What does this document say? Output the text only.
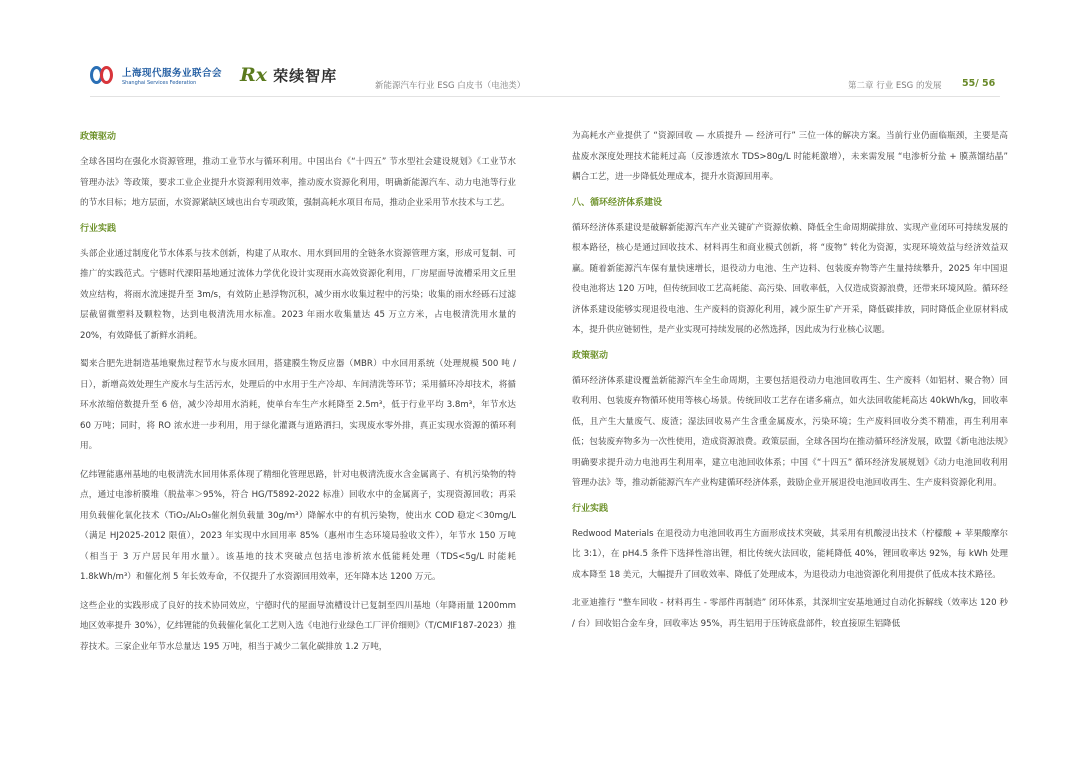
上海现代服务业联合会
Shanghai Services Federation	Rx 荣续智库
新能源汽车行业 ESG 白皮书（电池类）	第二章 行业 ESG 的发展 55/ 56
政策驱动

全球各国均在强化水资源管理，推动工业节水与循环利用。中国出台《“十四五” 节水型社会建设规划》《工业节水管理办法》等政策，要求工业企业提升水资源利用效率，推动废水资源化利用，明确新能源汽车、动力电池等行业的节水目标；地方层面，水资源紧缺区域也出台专项政策，强制高耗水项目布局，推动企业采用节水技术与工艺。

行业实践

头部企业通过制度化节水体系与技术创新，构建了从取水、用水到回用的全链条水资源管理方案，形成可复制、可推广的实践范式。宁德时代溧阳基地通过流体力学优化设计实现雨水高效资源化利用，厂房屋面导流槽采用文丘里效应结构，将雨水流速提升至 3m/s，有效防止悬浮物沉积，减少雨水收集过程中的污染；收集的雨水经砾石过滤层截留微塑料及颗粒物，达到电极清洗用水标准。2023 年雨水收集量达 45 万立方米，占电极清洗用水量的 20%，有效降低了新鲜水消耗。

蜀来合肥先进制造基地聚焦过程节水与废水回用，搭建膜生物反应器（MBR）中水回用系统（处理规模 500 吨 / 日），新增高效处理生产废水与生活污水，处理后的中水用于生产冷却、车间清洗等环节；采用循环冷却技术，将循环水浓缩倍数提升至 6 倍，减少冷却用水消耗，使单台车生产水耗降至 2.5m³，低于行业平均 3.8m³，年节水达 60 万吨；同时，将 RO 浓水进一步利用，用于绿化灌溉与道路洒扫，实现废水零外排，真正实现水资源的循环利用。

亿纬锂能惠州基地的电极清洗水回用体系体现了精细化管理思路，针对电极清洗废水含金属离子、有机污染物的特点，通过电渗析膜堆（脱盐率＞95%，符合 HG/T5892-2022 标准）回收水中的金属离子，实现资源回收；再采用负载催化氧化技术（TiO₂/Al₂O₃催化剂负载量 30g/m³）降解水中的有机污染物，使出水 COD 稳定＜30mg/L（满足 HJ2025-2012 限值），2023 年实现中水回用率 85%（惠州市生态环境局验收文件），年节水 150 万吨（相当于 3 万户居民年用水量）。该基地的技术突破点包括电渗析浓水低能耗处理（TDS<5g/L 时能耗 1.8kWh/m³）和催化剂 5 年长效寿命，不仅提升了水资源回用效率，还年降本达 1200 万元。

这些企业的实践形成了良好的技术协同效应，宁德时代的屋面导流槽设计已复制至四川基地（年降雨量 1200mm 地区效率提升 30%），亿纬锂能的负载催化氧化工艺则入选《电池行业绿色工厂评价细则》（T/CMIF187-2023）推荐技术。三家企业年节水总量达 195 万吨，相当于减少二氧化碳排放 1.2 万吨，

为高耗水产业提供了 “资源回收 — 水质提升 — 经济可行” 三位一体的解决方案。当前行业仍面临瓶颈，主要是高盐废水深度处理技术能耗过高（反渗透浓水 TDS>80g/L 时能耗激增），未来需发展 “电渗析分盐 + 膜蒸馏结晶” 耦合工艺，进一步降低处理成本，提升水资源回用率。

八、循环经济体系建设

循环经济体系建设是破解新能源汽车产业关键矿产资源依赖、降低全生命周期碳排放、实现产业闭环可持续发展的根本路径，核心是通过回收技术、材料再生和商业模式创新，将 “废物” 转化为资源，实现环境效益与经济效益双赢。随着新能源汽车保有量快速增长，退役动力电池、生产边料、包装废弃物等产生量持续攀升，2025 年中国退役电池将达 120 万吨，但传统回收工艺高耗能、高污染、回收率低，入仅造成资源浪费，还带来环境风险。循环经济体系建设能够实现退役电池、生产废料的资源化利用，减少原生矿产开采，降低碳排放，同时降低企业原材料成本，提升供应链韧性，是产业实现可持续发展的必然选择，因此成为行业核心议题。

政策驱动

循环经济体系建设覆盖新能源汽车全生命周期，主要包括退役动力电池回收再生、生产废料（如铝材、聚合物）回收利用、包装废弃物循环使用等核心场景。传统回收工艺存在诸多痛点，如火法回收能耗高达 40kWh/kg，回收率低，且产生大量废气、废渣；湿法回收易产生含重金属废水，污染环境；生产废料回收分类不精准，再生利用率低；包装废弃物多为一次性使用，造成资源浪费。政策层面，全球各国均在推动循环经济发展，欧盟《新电池法规》明确要求提升动力电池再生利用率，建立电池回收体系；中国《“十四五” 循环经济发展规划》《动力电池回收利用管理办法》等，推动新能源汽车产业构建循环经济体系，鼓励企业开展退役电池回收再生、生产废料资源化利用。

行业实践

Redwood Materials 在退役动力电池回收再生方面形成技术突破，其采用有机酸浸出技术（柠檬酸 + 苹果酸摩尔比 3:1），在 pH4.5 条件下选择性溶出锂，相比传统火法回收，能耗降低 40%，锂回收率达 92%，每 kWh 处理成本降至 18 美元，大幅提升了回收效率、降低了处理成本，为退役动力电池资源化利用提供了低成本技术路径。

北亚迪推行 “整车回收 - 材料再生 - 零部件再制造” 闭环体系，其深圳宝安基地通过自动化拆解线（效率达 120 秒 / 台）回收铝合金车身，回收率达 95%，再生铝用于压铸底盘部件，较直接原生铝降低
